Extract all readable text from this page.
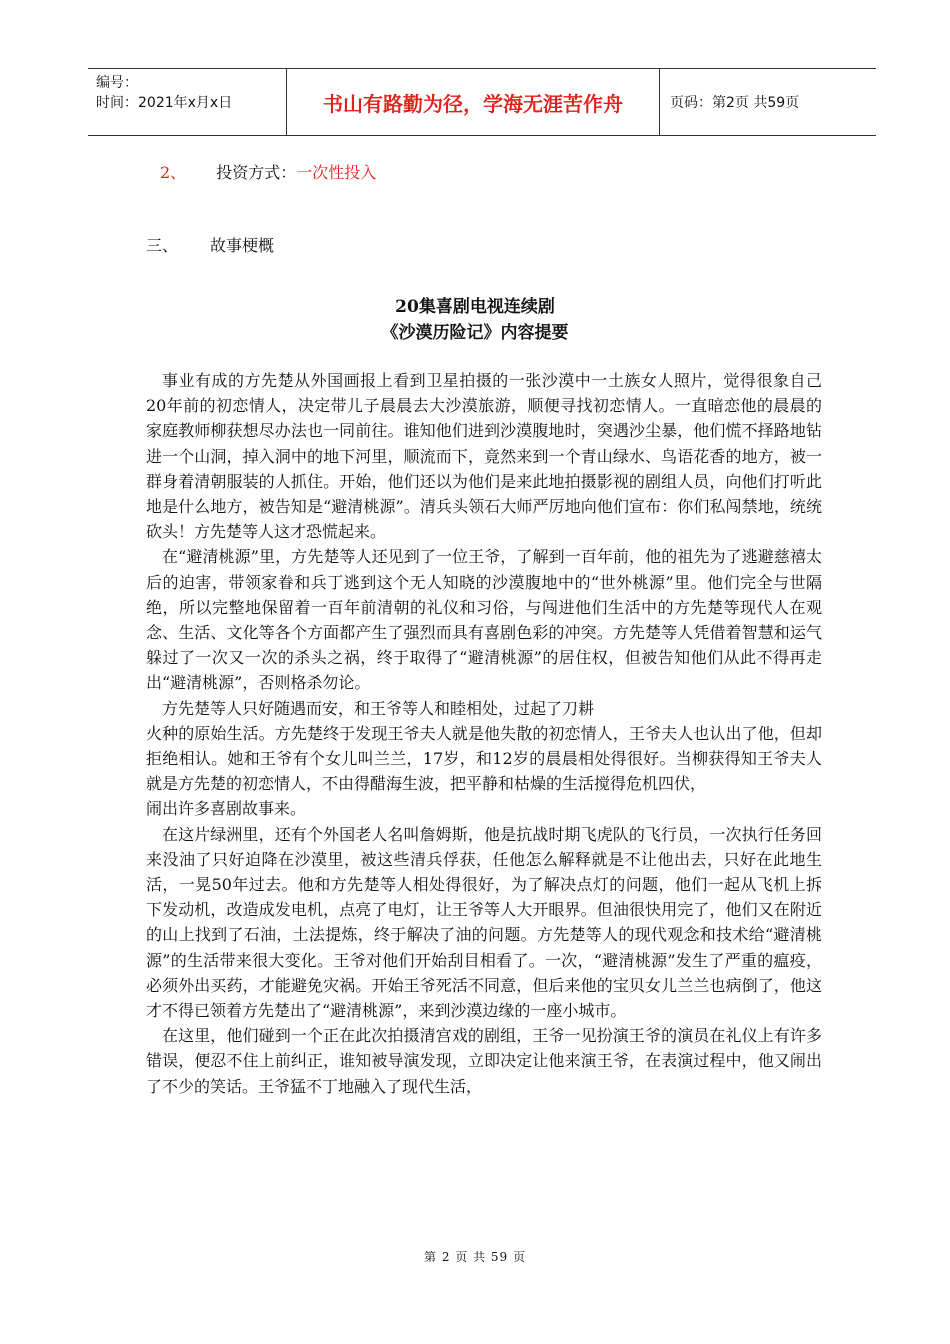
编号：
时间：2021年x月x日	书山有路勤为径，学海无涯苦作舟	页码：第2页 共59页
2、 投资方式：一次性投入
三、 故事梗概
20集喜剧电视连续剧
《沙漠历险记》内容提要

事业有成的方先楚从外国画报上看到卫星拍摄的一张沙漠中一土族女人照片，觉得很象自己20年前的初恋情人，决定带儿子晨晨去大沙漠旅游，顺便寻找初恋情人。一直暗恋他的晨晨的家庭教师柳获想尽办法也一同前往。谁知他们进到沙漠腹地时，突遇沙尘暴，他们慌不择路地钻进一个山洞，掉入洞中的地下河里，顺流而下，竟然来到一个青山绿水、鸟语花香的地方，被一群身着清朝服装的人抓住。开始，他们还以为他们是来此地拍摄影视的剧组人员，向他们打听此地是什么地方，被告知是“避清桃源”。清兵头领石大师严厉地向他们宣布：你们私闯禁地，统统砍头！方先楚等人这才恐慌起来。

在“避清桃源”里，方先楚等人还见到了一位王爷，了解到一百年前，他的祖先为了逃避慈禧太后的迫害，带领家眷和兵丁逃到这个无人知晓的沙漠腹地中的“世外桃源”里。他们完全与世隔绝，所以完整地保留着一百年前清朝的礼仪和习俗，与闯进他们生活中的方先楚等现代人在观念、生活、文化等各个方面都产生了强烈而具有喜剧色彩的冲突。方先楚等人凭借着智慧和运气躲过了一次又一次的杀头之祸，终于取得了“避清桃源”的居住权，但被告知他们从此不得再走出“避清桃源”，否则格杀勿论。

方先楚等人只好随遇而安，和王爷等人和睦相处，过起了刀耕

火种的原始生活。方先楚终于发现王爷夫人就是他失散的初恋情人，王爷夫人也认出了他，但却拒绝相认。她和王爷有个女儿叫兰兰，17岁，和12岁的晨晨相处得很好。当柳获得知王爷夫人就是方先楚的初恋情人，不由得醋海生波，把平静和枯燥的生活搅得危机四伏，

闹出许多喜剧故事来。

在这片绿洲里，还有个外国老人名叫詹姆斯，他是抗战时期飞虎队的飞行员，一次执行任务回来没油了只好迫降在沙漠里，被这些清兵俘获，任他怎么解释就是不让他出去，只好在此地生活，一晃50年过去。他和方先楚等人相处得很好，为了解决点灯的问题，他们一起从飞机上拆下发动机，改造成发电机，点亮了电灯，让王爷等人大开眼界。但油很快用完了，他们又在附近的山上找到了石油，土法提炼，终于解决了油的问题。方先楚等人的现代观念和技术给“避清桃源”的生活带来很大变化。王爷对他们开始刮目相看了。一次，“避清桃源”发生了严重的瘟疫，必须外出买药，才能避免灾祸。开始王爷死活不同意，但后来他的宝贝女儿兰兰也病倒了，他这才不得已领着方先楚出了“避清桃源”，来到沙漠边缘的一座小城市。

在这里，他们碰到一个正在此次拍摄清宫戏的剧组，王爷一见扮演王爷的演员在礼仪上有许多错误，便忍不住上前纠正，谁知被导演发现，立即决定让他来演王爷，在表演过程中，他又闹出了不少的笑话。王爷猛不丁地融入了现代生活，

第 2 页 共 59 页
